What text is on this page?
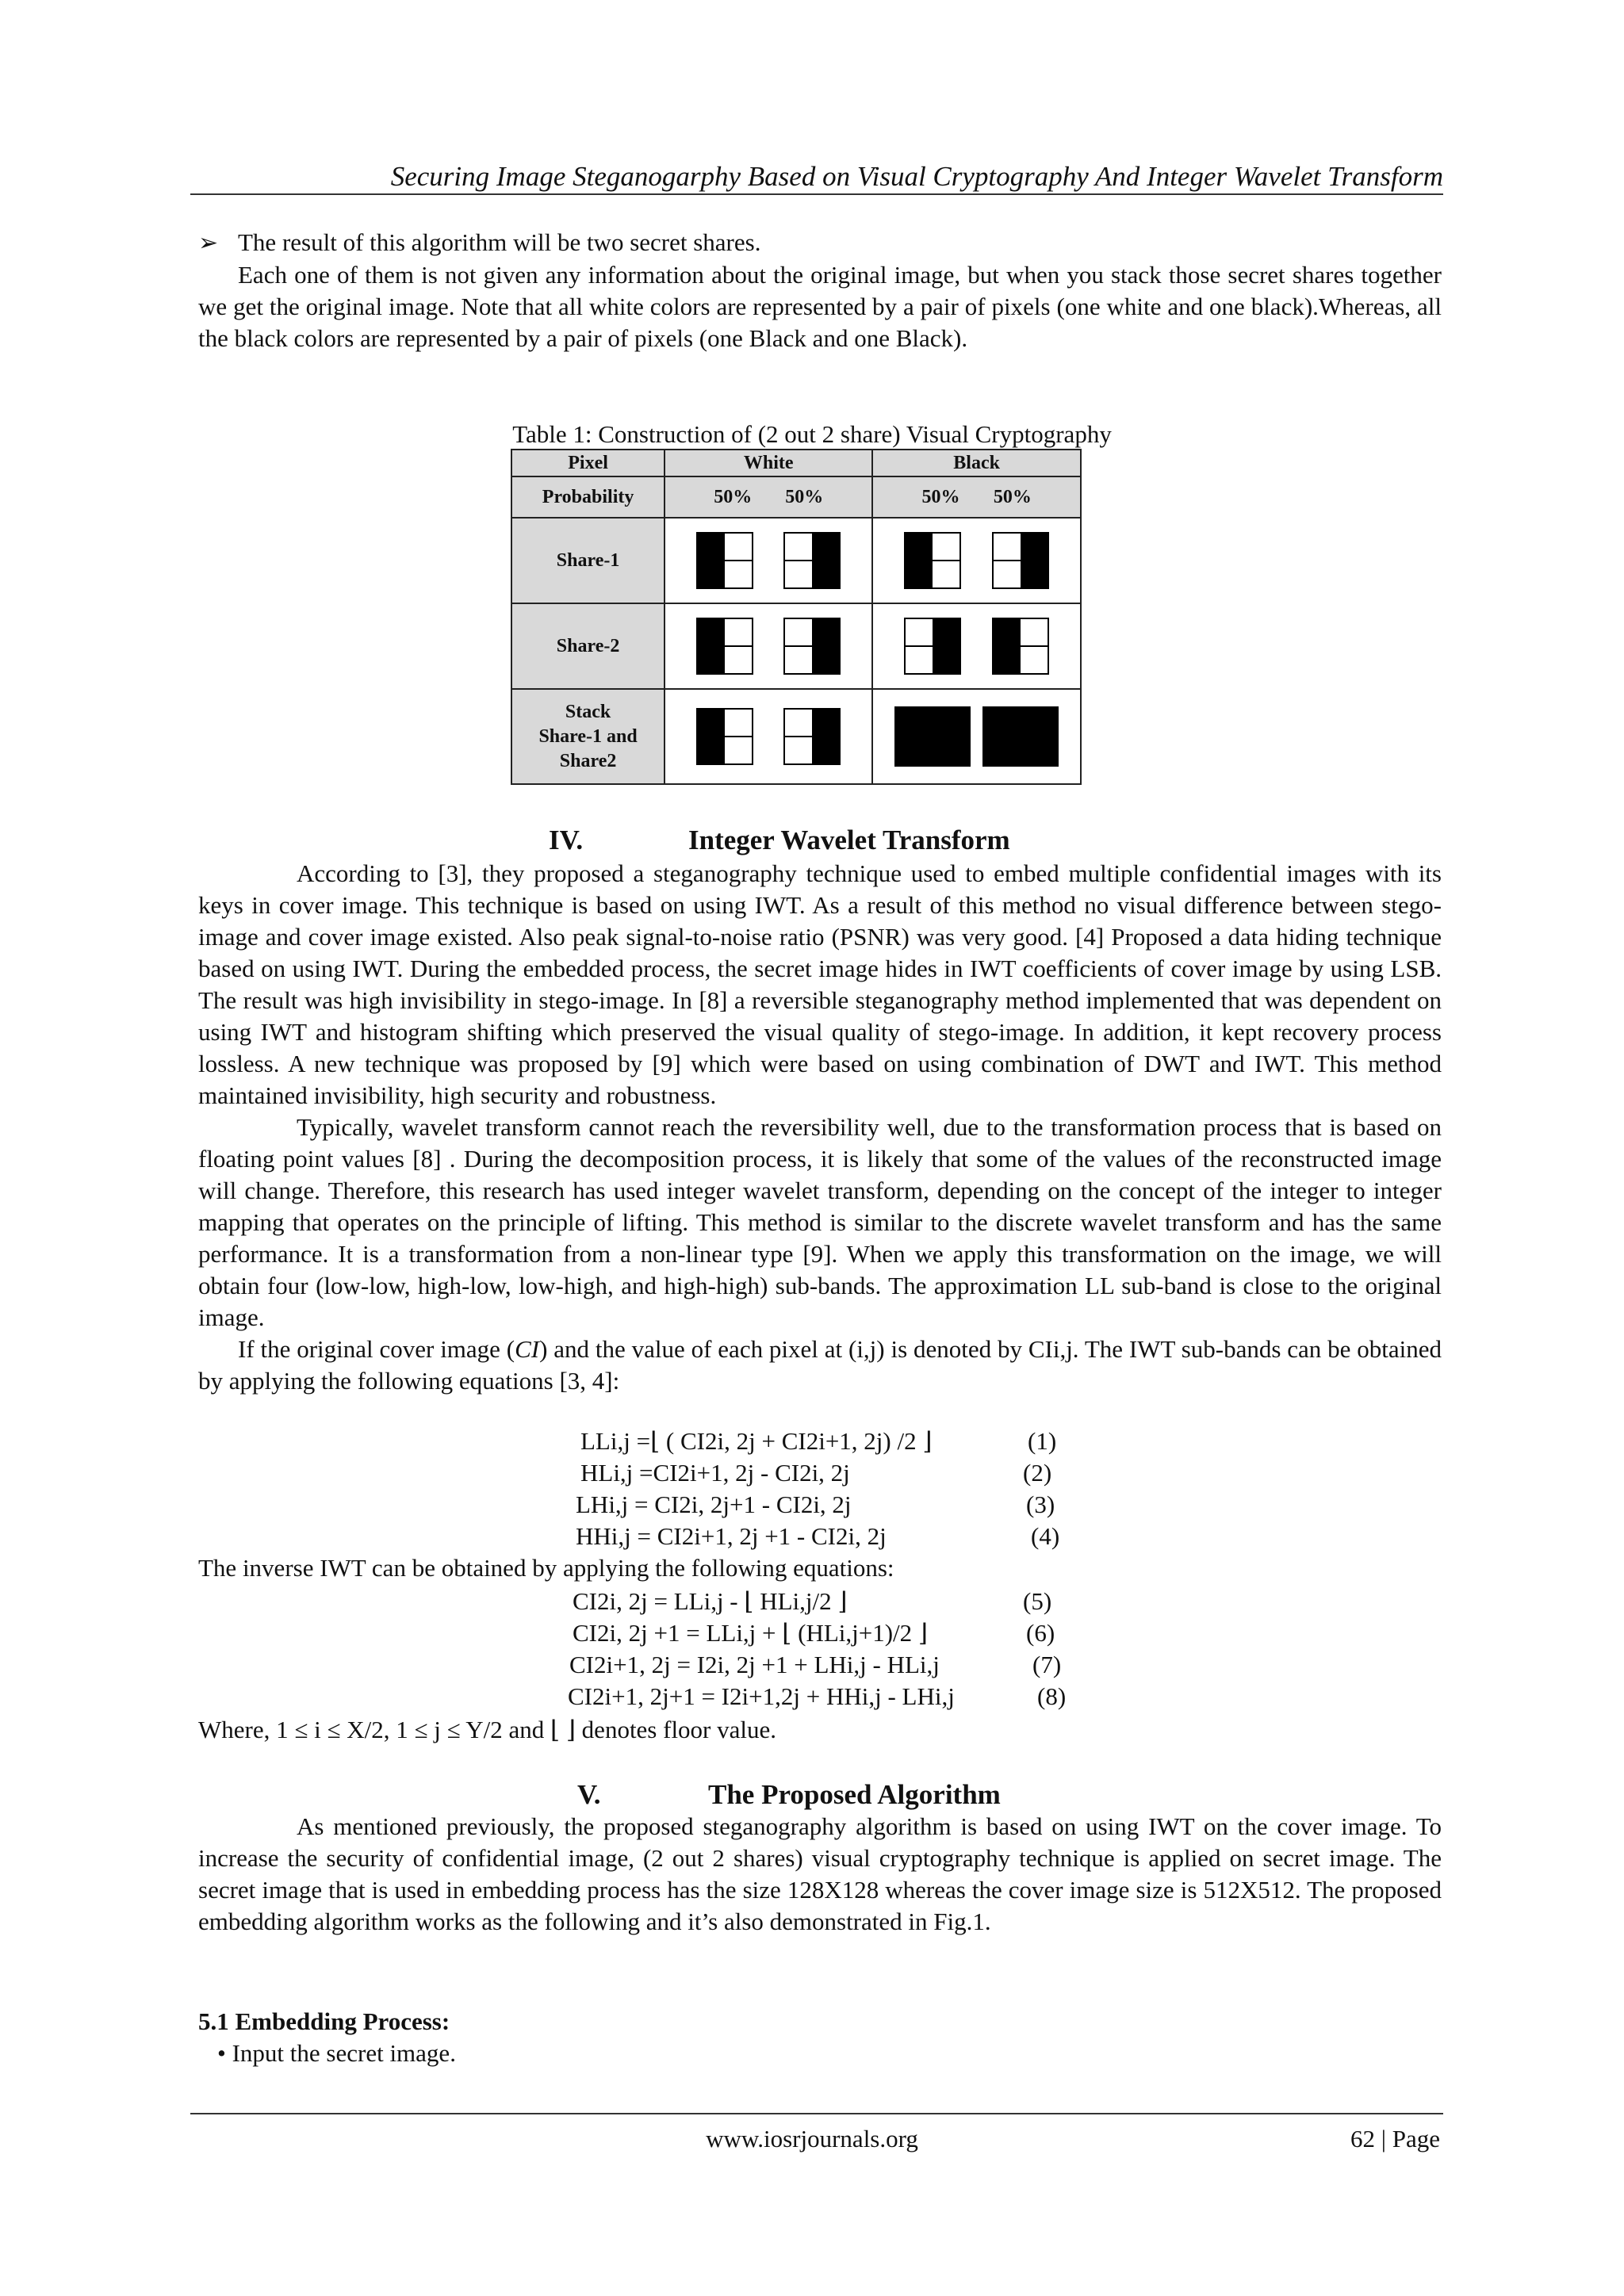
Securing Image Steganogarphy Based on Visual Cryptography And Integer Wavelet Transform
➢ The result of this algorithm will be two secret shares.

Each one of them is not given any information about the original image, but when you stack those secret shares together we get the original image. Note that all white colors are represented by a pair of pixels (one white and one black).Whereas, all the black colors are represented by a pair of pixels (one Black and one Black).

Table 1: Construction of (2 out 2 share) Visual Cryptography
Pixel	White	Black
Probability	50% 50%	50% 50%

Share-1	

Share-2	

Stack
Share-1 and
Share2

IV.	Integer Wavelet Transform

According to [3], they proposed a steganography technique used to embed multiple confidential images with its keys in cover image. This technique is based on using IWT. As a result of this method no visual difference between stego-image and cover image existed. Also peak signal-to-noise ratio (PSNR) was very good. [4] Proposed a data hiding technique based on using IWT. During the embedded process, the secret image hides in IWT coefficients of cover image by using LSB. The result was high invisibility in stego-image. In [8] a reversible steganography method implemented that was dependent on using IWT and histogram shifting which preserved the visual quality of stego-image. In addition, it kept recovery process lossless. A new technique was proposed by [9] which were based on using combination of DWT and IWT. This method maintained invisibility, high security and robustness.

Typically, wavelet transform cannot reach the reversibility well, due to the transformation process that is based on floating point values [8] . During the decomposition process, it is likely that some of the values of the reconstructed image will change. Therefore, this research has used integer wavelet transform, depending on the concept of the integer to integer mapping that operates on the principle of lifting. This method is similar to the discrete wavelet transform and has the same performance. It is a transformation from a non-linear type [9]. When we apply this transformation on the image, we will obtain four (low-low, high-low, low-high, and high-high) sub-bands. The approximation LL sub-band is close to the original image.

If the original cover image (CI) and the value of each pixel at (i,j) is denoted by CIi,j. The IWT sub-bands can be obtained by applying the following equations [3, 4]:

LLi,j =⌊ ( CI2i, 2j + CI2i+1, 2j) /2 ⌋	(1)
HLi,j =CI2i+1, 2j - CI2i, 2j	(2)
LHi,j = CI2i, 2j+1 - CI2i, 2j	(3)
HHi,j = CI2i+1, 2j +1 - CI2i, 2j	(4)
The inverse IWT can be obtained by applying the following equations:
CI2i, 2j = LLi,j - ⌊ HLi,j/2 ⌋	(5)
CI2i, 2j +1 = LLi,j + ⌊ (HLi,j+1)/2 ⌋	(6)
CI2i+1, 2j = I2i, 2j +1 + LHi,j - HLi,j	(7)
CI2i+1, 2j+1 = I2i+1,2j + HHi,j - LHi,j	(8)
Where, 1 ≤ i ≤ X/2, 1 ≤ j ≤ Y/2 and ⌊ ⌋ denotes floor value.
V.	The Proposed Algorithm

As mentioned previously, the proposed steganography algorithm is based on using IWT on the cover image. To increase the security of confidential image, (2 out 2 shares) visual cryptography technique is applied on secret image. The secret image that is used in embedding process has the size 128X128 whereas the cover image size is 512X512. The proposed embedding algorithm works as the following and it’s also demonstrated in Fig.1.

5.1 Embedding Process:
• Input the secret image.
www.iosrjournals.org	62 | Page
